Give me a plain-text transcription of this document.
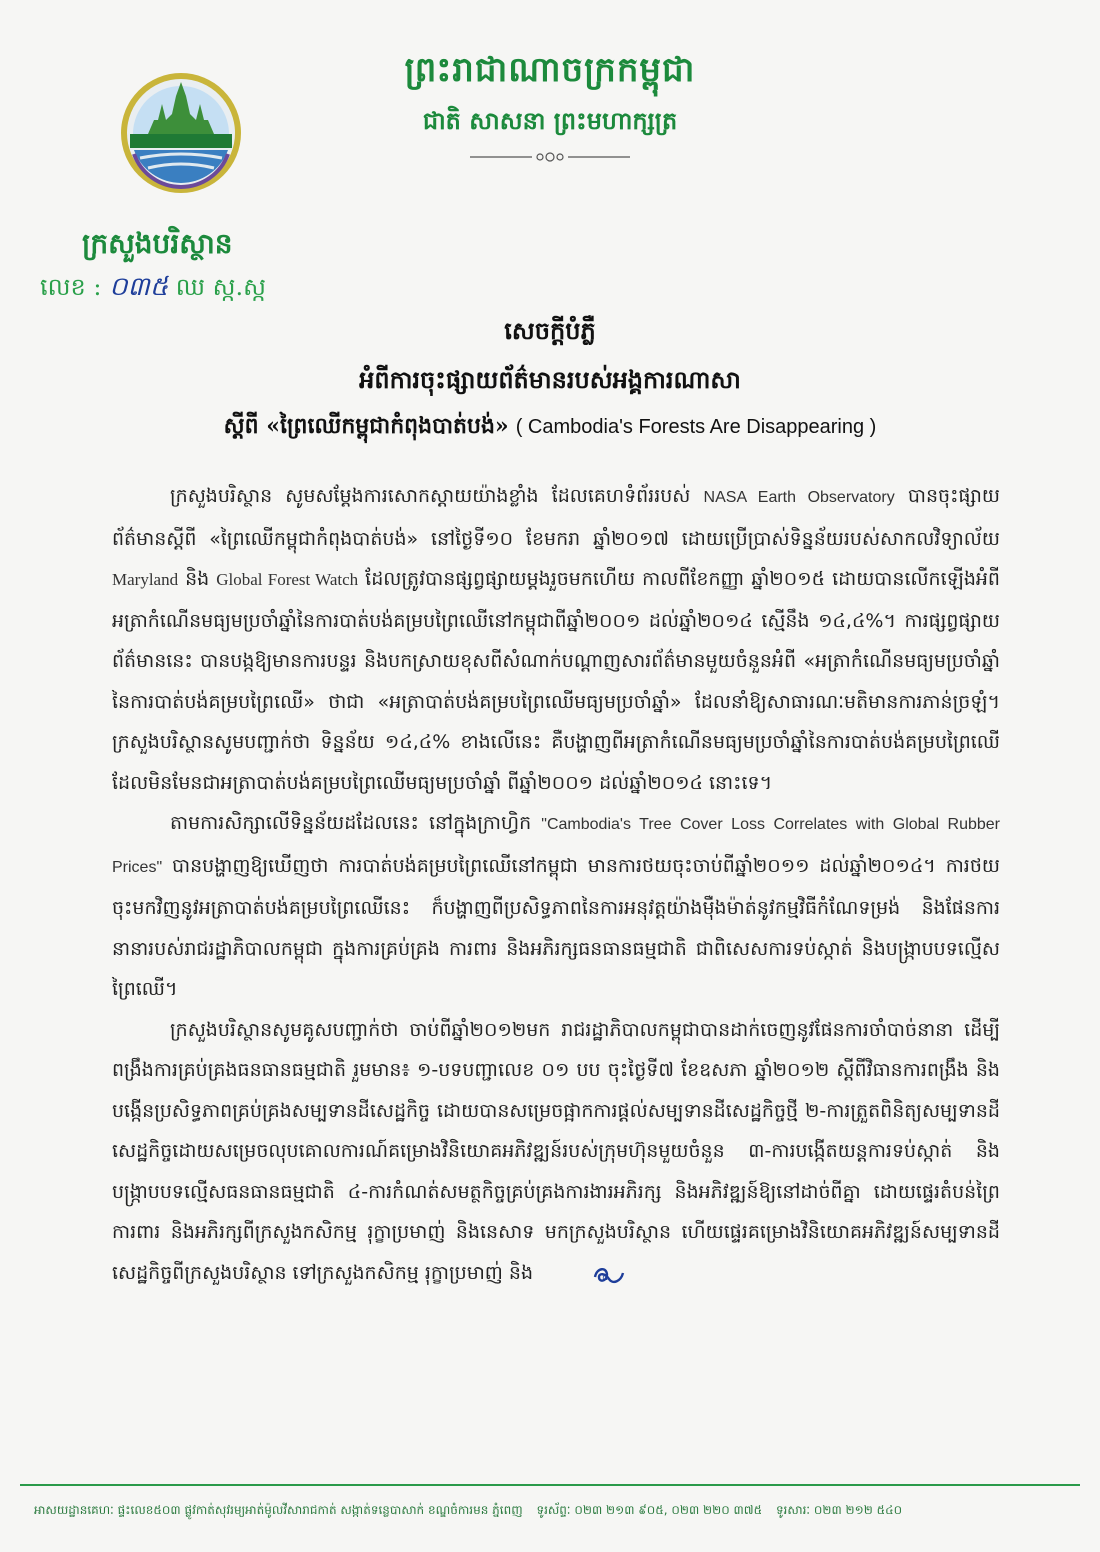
ព្រះរាជាណាចក្រកម្ពុជា
ជាតិ សាសនា ព្រះមហាក្សត្រ
ក្រសួងបរិស្ថាន
លេខ : ០៣៥ ឈ ស្ក.ស្ក
សេចក្ដីបំភ្លឺ
អំពីការចុះផ្សាយព័ត៌មានរបស់អង្គការណាសា
ស្ដីពី «ព្រៃឈើកម្ពុជាកំពុងបាត់បង់» ( Cambodia's Forests Are Disappearing )

ក្រសួងបរិស្ថាន សូមសម្ដែងការសោកស្ដាយយ៉ាងខ្លាំង ដែលគេហទំព័ររបស់ NASA Earth Observatory បានចុះផ្សាយព័ត៌មានស្ដីពី «ព្រៃឈើកម្ពុជាកំពុងបាត់បង់» នៅថ្ងៃទី១០ ខែមករា ឆ្នាំ២០១៧ ដោយប្រើប្រាស់ទិន្នន័យរបស់សាកលវិទ្យាល័យ Maryland និង Global Forest Watch ដែលត្រូវបានផ្សព្វផ្សាយម្ដងរួចមកហើយ កាលពីខែកញ្ញា ឆ្នាំ២០១៥ ដោយបានលើកឡើងអំពីអត្រាកំណើនមធ្យមប្រចាំឆ្នាំនៃការបាត់បង់គម្របព្រៃឈើនៅកម្ពុជាពីឆ្នាំ២០០១ ដល់ឆ្នាំ២០១៤ ស្មើនឹង ១៤,៤%។ ការផ្សព្វផ្សាយព័ត៌មាននេះ បានបង្កឱ្យមានការបន្ទរ និងបកស្រាយខុសពីសំណាក់បណ្ដាញសារព័ត៌មានមួយចំនួនអំពី «អត្រាកំណើនមធ្យមប្រចាំឆ្នាំនៃការបាត់បង់គម្របព្រៃឈើ» ថាជា «អត្រាបាត់បង់គម្របព្រៃឈើមធ្យមប្រចាំឆ្នាំ» ដែលនាំឱ្យសាធារណៈមតិមានការភាន់ច្រឡំ។ ក្រសួងបរិស្ថានសូមបញ្ជាក់ថា ទិន្នន័យ ១៤,៤% ខាងលើនេះ គឺបង្ហាញពីអត្រាកំណើនមធ្យមប្រចាំឆ្នាំនៃការបាត់បង់គម្របព្រៃឈើ ដែលមិនមែនជាអត្រាបាត់បង់គម្របព្រៃឈើមធ្យមប្រចាំឆ្នាំ ពីឆ្នាំ២០០១ ដល់ឆ្នាំ២០១៤ នោះទេ។

តាមការសិក្សាលើទិន្នន័យដដែលនេះ នៅក្នុងក្រាហ្វិក "Cambodia's Tree Cover Loss Correlates with Global Rubber Prices" បានបង្ហាញឱ្យឃើញថា ការបាត់បង់គម្របព្រៃឈើនៅកម្ពុជា មានការថយចុះចាប់ពីឆ្នាំ២០១១ ដល់ឆ្នាំ២០១៤។ ការថយចុះមកវិញនូវអត្រាបាត់បង់គម្របព្រៃឈើនេះ ក៏បង្ហាញពីប្រសិទ្ធភាពនៃការអនុវត្តយ៉ាងម៉ឺងម៉ាត់នូវកម្មវិធីកំណែទម្រង់ និងផែនការនានារបស់រាជរដ្ឋាភិបាលកម្ពុជា ក្នុងការគ្រប់គ្រង ការពារ និងអភិរក្សធនធានធម្មជាតិ ជាពិសេសការទប់ស្កាត់ និងបង្រ្កាបបទល្មើសព្រៃឈើ។

ក្រសួងបរិស្ថានសូមគូសបញ្ជាក់ថា ចាប់ពីឆ្នាំ២០១២មក រាជរដ្ឋាភិបាលកម្ពុជាបានដាក់ចេញនូវផែនការចាំបាច់នានា ដើម្បីពង្រឹងការគ្រប់គ្រងធនធានធម្មជាតិ រួមមាន៖ ១-បទបញ្ជាលេខ ០១ បប ចុះថ្ងៃទី៧ ខែឧសភា ឆ្នាំ២០១២ ស្ដីពីវិធានការពង្រឹង និងបង្កើនប្រសិទ្ធភាពគ្រប់គ្រងសម្បទានដីសេដ្ឋកិច្ច ដោយបានសម្រេចផ្អាកការផ្ដល់សម្បទានដីសេដ្ឋកិច្ចថ្មី ២-ការត្រួតពិនិត្យសម្បទានដីសេដ្ឋកិច្ចដោយសម្រេចលុបគោលការណ៍គម្រោងវិនិយោគអភិវឌ្ឍន៍របស់ក្រុមហ៊ុនមួយចំនួន ៣-ការបង្កើតយន្តការទប់ស្កាត់ និងបង្រ្កាបបទល្មើសធនធានធម្មជាតិ ៤-ការកំណត់សមត្ថកិច្ចគ្រប់គ្រងការងារអភិរក្ស និងអភិវឌ្ឍន៍ឱ្យនៅដាច់ពីគ្នា ដោយផ្ទេរតំបន់ព្រៃការពារ និងអភិរក្សពីក្រសួងកសិកម្ម រុក្ខាប្រមាញ់ និងនេសាទ មកក្រសួងបរិស្ថាន ហើយផ្ទេរគម្រោងវិនិយោគអភិវឌ្ឍន៍សម្បទានដីសេដ្ឋកិច្ចពីក្រសួងបរិស្ថាន ទៅក្រសួងកសិកម្ម រុក្ខាប្រមាញ់ និង	៤

អាសយដ្ឋានគេហៈ ផ្ទះលេខ៥០៣ ផ្លូវកាត់សុវរម្យអាត់ម៉ូលវីសារាជកាត់ សង្កាត់ទន្លេបាសាក់ ខណ្ឌចំការមន ភ្នំពេញ ទូរស័ព្ទៈ ០២៣ ២១៣ ៩០៥, ០២៣ ២២០ ៣៧៥ ទូរសារៈ ០២៣ ២១២ ៥៤០
